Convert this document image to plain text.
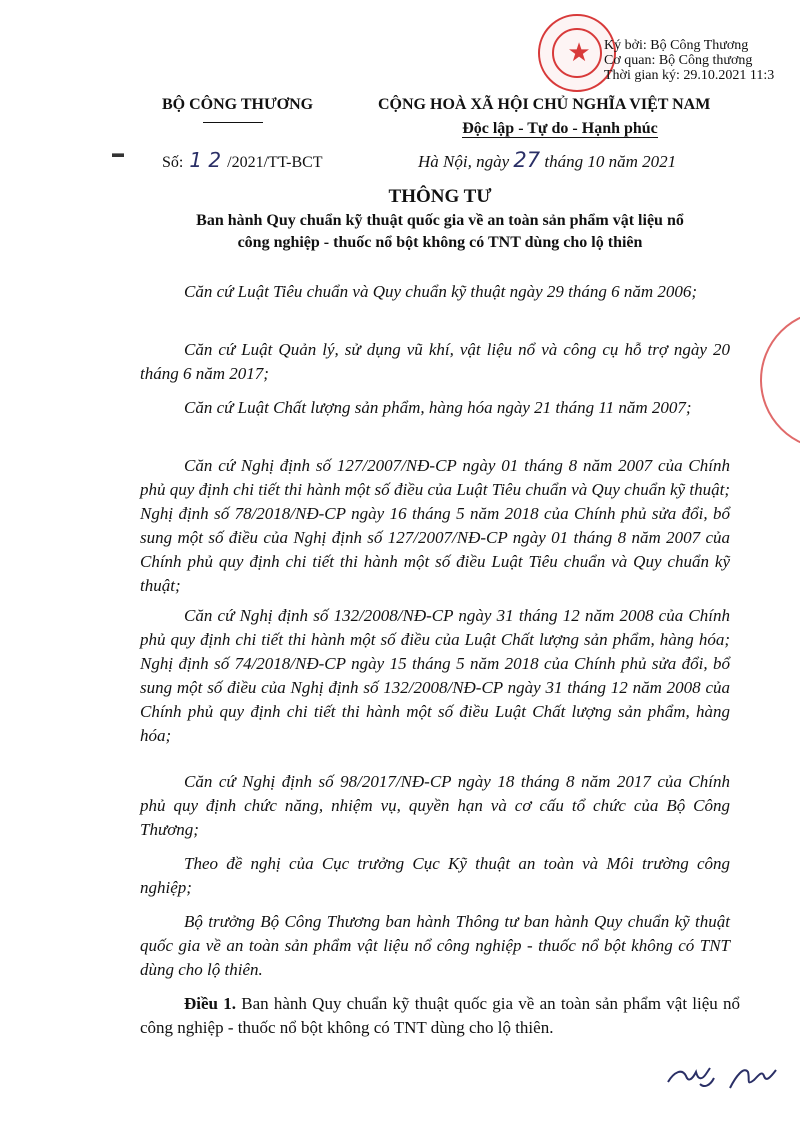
★ Ký bởi: Bộ Công Thương
Cơ quan: Bộ Công thương
Thời gian ký: 29.10.2021 11:3
BỘ CÔNG THƯƠNG	CỘNG HOÀ XÃ HỘI CHỦ NGHĨA VIỆT NAM
Độc lập - Tự do - Hạnh phúc
▬
Số: 1 2 /2021/TT-BCT	Hà Nội, ngày 27 tháng 10 năm 2021
THÔNG TƯ
Ban hành Quy chuẩn kỹ thuật quốc gia về an toàn sản phẩm vật liệu nổ
công nghiệp - thuốc nổ bột không có TNT dùng cho lộ thiên
Căn cứ Luật Tiêu chuẩn và Quy chuẩn kỹ thuật ngày 29 tháng 6 năm 2006;
Căn cứ Luật Quản lý, sử dụng vũ khí, vật liệu nổ và công cụ hỗ trợ ngày 20 tháng 6 năm 2017;
Căn cứ Luật Chất lượng sản phẩm, hàng hóa ngày 21 tháng 11 năm 2007;
Căn cứ Nghị định số 127/2007/NĐ-CP ngày 01 tháng 8 năm 2007 của Chính phủ quy định chi tiết thi hành một số điều của Luật Tiêu chuẩn và Quy chuẩn kỹ thuật; Nghị định số 78/2018/NĐ-CP ngày 16 tháng 5 năm 2018 của Chính phủ sửa đổi, bổ sung một số điều của Nghị định số 127/2007/NĐ-CP ngày 01 tháng 8 năm 2007 của Chính phủ quy định chi tiết thi hành một số điều Luật Tiêu chuẩn và Quy chuẩn kỹ thuật;
Căn cứ Nghị định số 132/2008/NĐ-CP ngày 31 tháng 12 năm 2008 của Chính phủ quy định chi tiết thi hành một số điều của Luật Chất lượng sản phẩm, hàng hóa; Nghị định số 74/2018/NĐ-CP ngày 15 tháng 5 năm 2018 của Chính phủ sửa đổi, bổ sung một số điều của Nghị định số 132/2008/NĐ-CP ngày 31 tháng 12 năm 2008 của Chính phủ quy định chi tiết thi hành một số điều Luật Chất lượng sản phẩm, hàng hóa;
Căn cứ Nghị định số 98/2017/NĐ-CP ngày 18 tháng 8 năm 2017 của Chính phủ quy định chức năng, nhiệm vụ, quyền hạn và cơ cấu tổ chức của Bộ Công Thương;
Theo đề nghị của Cục trưởng Cục Kỹ thuật an toàn và Môi trường công nghiệp;
Bộ trưởng Bộ Công Thương ban hành Thông tư ban hành Quy chuẩn kỹ thuật quốc gia về an toàn sản phẩm vật liệu nổ công nghiệp - thuốc nổ bột không có TNT dùng cho lộ thiên.
Điều 1. Ban hành Quy chuẩn kỹ thuật quốc gia về an toàn sản phẩm vật liệu nổ công nghiệp - thuốc nổ bột không có TNT dùng cho lộ thiên.
